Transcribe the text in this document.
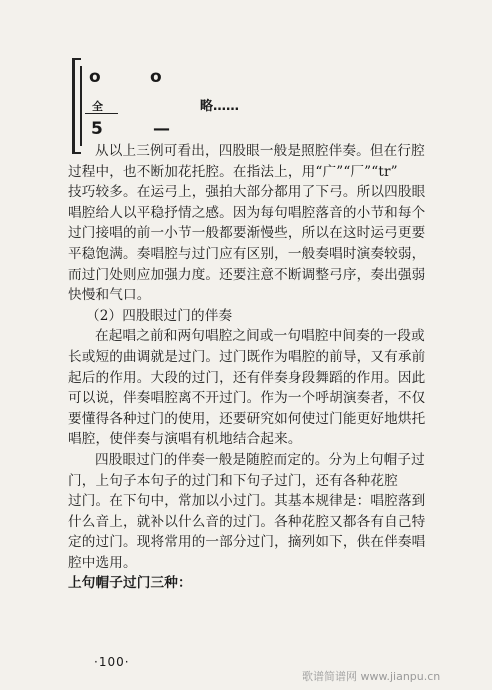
o	o
全	略……
5	—
从以上三例可看出，四股眼一般是照腔伴奏。但在行腔
过程中，也不断加花托腔。在指法上，用“广”“厂”“tr”
技巧较多。在运弓上，强拍大部分都用了下弓。所以四股眼
唱腔给人以平稳抒情之感。因为每句唱腔落音的小节和每个
过门接唱的前一小节一般都要渐慢些，所以在这时运弓更要
平稳饱满。奏唱腔与过门应有区别，一般奏唱时演奏较弱，
而过门处则应加强力度。还要注意不断调整弓序，奏出强弱
快慢和气口。
（2）四股眼过门的伴奏
在起唱之前和两句唱腔之间或一句唱腔中间奏的一段或
长或短的曲调就是过门。过门既作为唱腔的前导，又有承前
起后的作用。大段的过门，还有伴奏身段舞蹈的作用。因此
可以说，伴奏唱腔离不开过门。作为一个呼胡演奏者，不仅
要懂得各种过门的使用，还要研究如何使过门能更好地烘托
唱腔，使伴奏与演唱有机地结合起来。
四股眼过门的伴奏一般是随腔而定的。分为上句帽子过
门，上句子本句子的过门和下句子过门，还有各种花腔
过门。在下句中，常加以小过门。其基本规律是：唱腔落到
什么音上，就补以什么音的过门。各种花腔又都各有自己特
定的过门。现将常用的一部分过门，摘列如下，供在伴奏唱
腔中选用。
上句帽子过门三种：
·100·
歌谱简谱网 www.jianpu.cn
